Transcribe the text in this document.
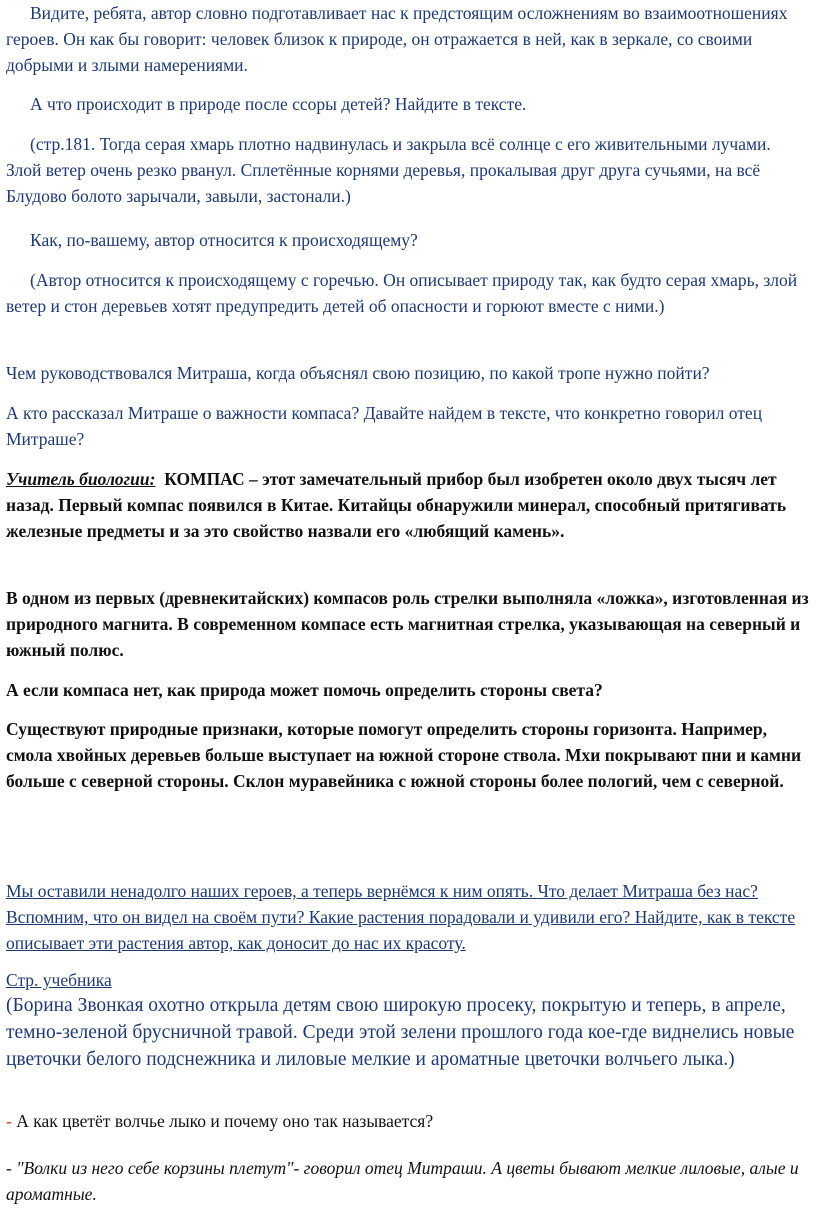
Видите, ребята, автор словно подготавливает нас к предстоящим осложнениям во взаимоотношениях героев. Он как бы говорит: человек близок к природе, он отражается в ней, как в зеркале, со своими добрыми и злыми намерениями.

А что происходит в природе после ссоры детей? Найдите в тексте.

(стр.181. Тогда серая хмарь плотно надвинулась и закрыла всё солнце с его живительными лучами. Злой ветер очень резко рванул. Сплетённые корнями деревья, прокалывая друг друга сучьями, на всё Блудово болото зарычали, завыли, застонали.)

Как, по-вашему, автор относится к происходящему?

(Автор относится к происходящему с горечью. Он описывает природу так, как будто серая хмарь, злой ветер и стон деревьев хотят предупредить детей об опасности и горюют вместе с ними.)

Чем руководствовался Митраша, когда объяснял свою позицию, по какой тропе нужно пойти?

А кто рассказал Митраше о важности компаса? Давайте найдем в тексте, что конкретно говорил отец Митраше?

Учитель биологии: КОМПАС – этот замечательный прибор был изобретен около двух тысяч лет назад. Первый компас появился в Китае. Китайцы обнаружили минерал, способный притягивать железные предметы и за это свойство назвали его «любящий камень».

В одном из первых (древнекитайских) компасов роль стрелки выполняла «ложка», изготовленная из природного магнита. В современном компасе есть магнитная стрелка, указывающая на северный и южный полюс.

А если компаса нет, как природа может помочь определить стороны света?

Существуют природные признаки, которые помогут определить стороны горизонта. Например, смола хвойных деревьев больше выступает на южной стороне ствола. Мхи покрывают пни и камни больше с северной стороны. Склон муравейника с южной стороны более пологий, чем с северной.

Мы оставили ненадолго наших героев, а теперь вернёмся к ним опять. Что делает Митраша без нас? Вспомним, что он видел на своём пути? Какие растения порадовали и удивили его? Найдите, как в тексте описывает эти растения автор, как доносит до нас их красоту.

Стр. учебника

(Борина Звонкая охотно открыла детям свою широкую просеку, покрытую и теперь, в апреле, темно-зеленой брусничной травой. Среди этой зелени прошлого года кое-где виднелись новые цветочки белого подснежника и лиловые мелкие и ароматные цветочки волчьего лыка.)

- А как цветёт волчье лыко и почему оно так называется?

- "Волки из него себе корзины плетут"- говорил отец Митраши. А цветы бывают мелкие лиловые, алые и ароматные.
